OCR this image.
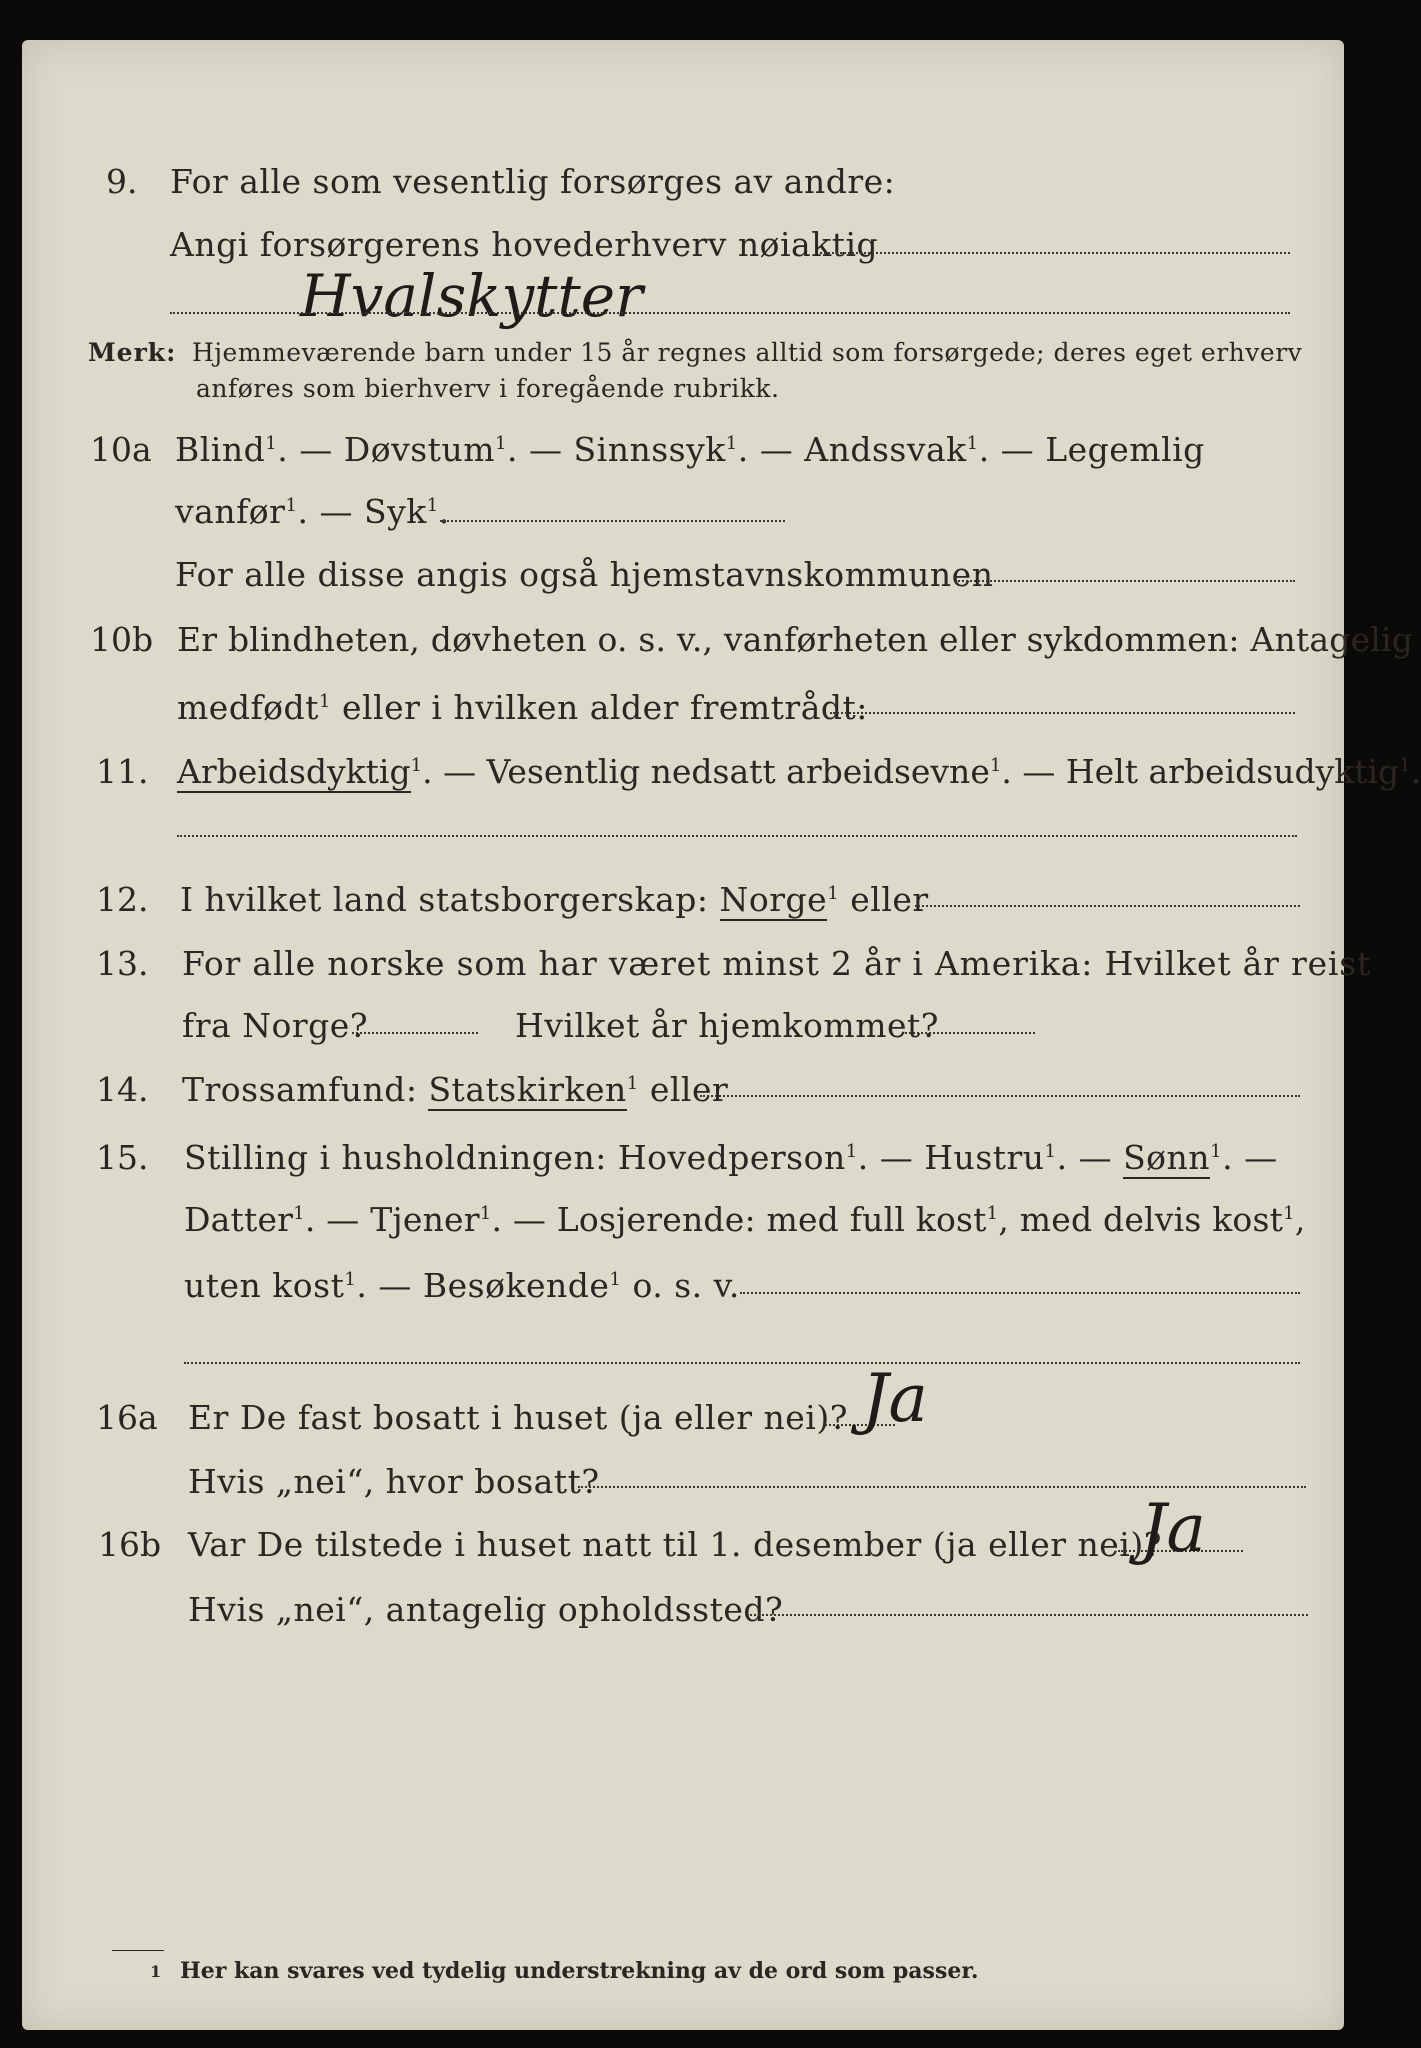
9. For alle som vesentlig forsørges av andre:
Angi forsørgerens hovederhverv nøiaktig
Hvalskytter
Merk: Hjemmeværende barn under 15 år regnes alltid som forsørgede; deres eget erhverv
anføres som bierhverv i foregående rubrikk.
10a Blind$^1$. — Døvstum$^1$. — Sinnssyk$^1$. — Andssvak$^1$. — Legemlig
vanfør$^1$. — Syk$^1$.
For alle disse angis også hjemstavnskommunen
10b Er blindheten, døvheten o. s. v., vanførheten eller sykdommen: Antagelig
medfødt$^1$ eller i hvilken alder fremtrådt:
11. Arbeidsdyktig$^1$. — Vesentlig nedsatt arbeidsevne$^1$. — Helt arbeidsudyktig$^1$.
12. I hvilket land statsborgerskap: Norge$^1$ eller
13. For alle norske som har været minst 2 år i Amerika: Hvilket år reist
fra Norge?	Hvilket år hjemkommet?
14. Trossamfund: Statskirken$^1$ eller
15. Stilling i husholdningen: Hovedperson$^1$. — Hustru$^1$. — Sønn$^1$. —
Datter$^1$. — Tjener$^1$. — Losjerende: med full kost$^1$, med delvis kost$^1$,
uten kost$^1$. — Besøkende$^1$ o. s. v.
16a Er De fast bosatt i huset (ja eller nei)? Ja
Hvis „nei“, hvor bosatt?
16b Var De tilstede i huset natt til 1. desember (ja eller nei)?
Ja
Hvis „nei“, antagelig opholdssted?
1 Her kan svares ved tydelig understrekning av de ord som passer.
